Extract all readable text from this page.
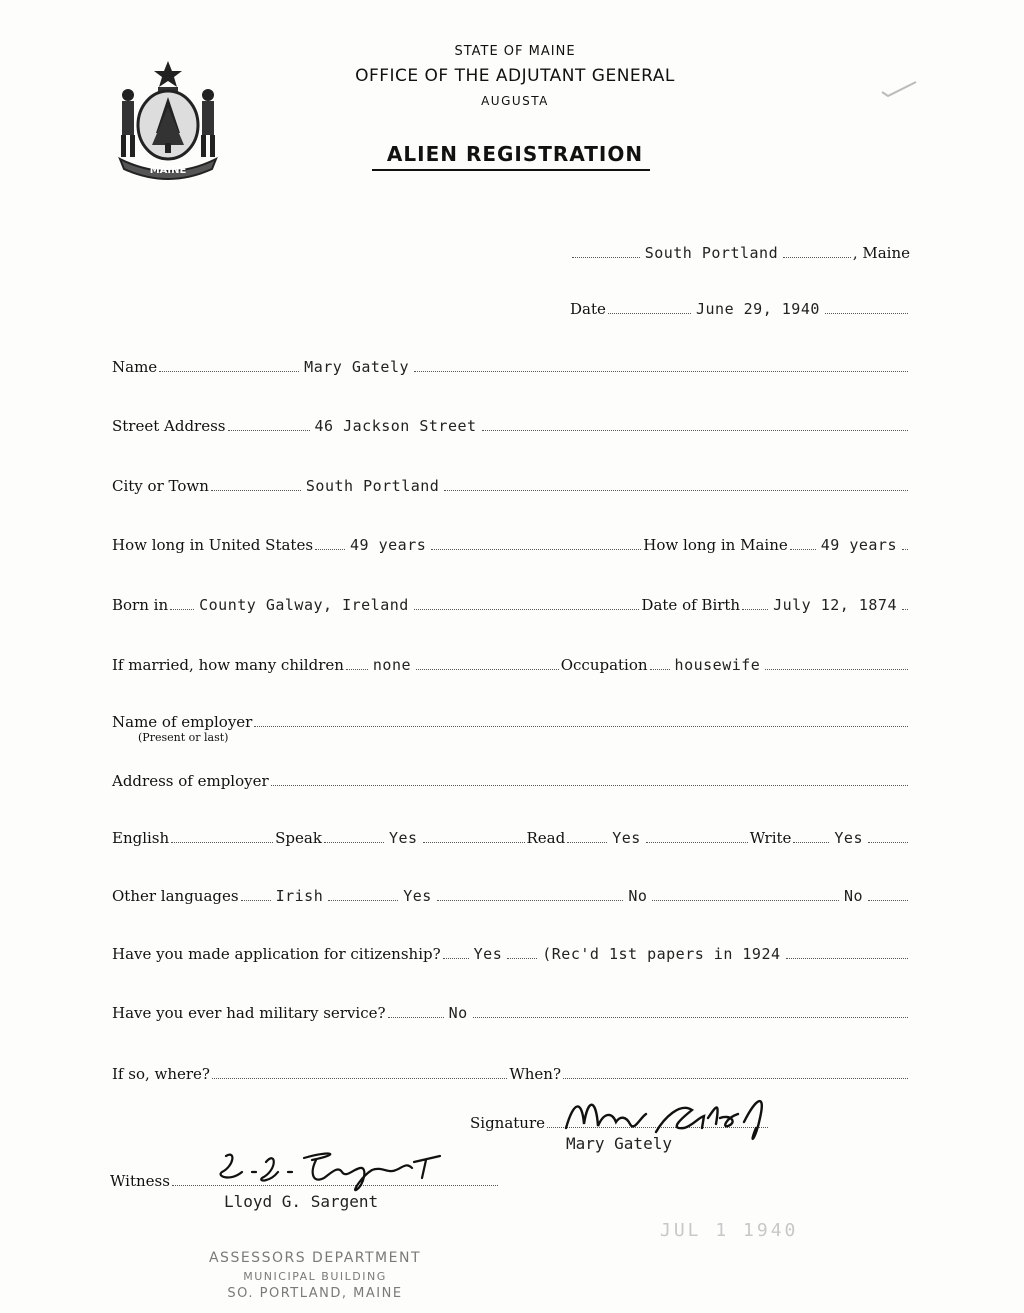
MAINE
STATE OF MAINE
OFFICE OF THE ADJUTANT GENERAL
AUGUSTA
ALIEN REGISTRATION
South Portland	, Maine
Date	June 29, 1940
Name	Mary Gately
Street Address	46 Jackson Street
City or Town	South Portland
How long in United States 49 years	How long in Maine 49 years
Born in County Galway, Ireland	Date of Birth July 12, 1874
If married, how many children none	Occupation housewife
Name of employer
(Present or last)
Address of employer
English	Speak	Yes	Read	Yes	Write	Yes
Other languages Irish	Yes	No	No
Have you made application for citizenship? Yes	(Rec'd 1st papers in 1924
Have you ever had military service?	No
If so, where?	When?
Signature
Mary Gately
Witness
Lloyd G. Sargent
JUL 1 1940
ASSESSORS DEPARTMENT
MUNICIPAL BUILDING
SO. PORTLAND, MAINE
